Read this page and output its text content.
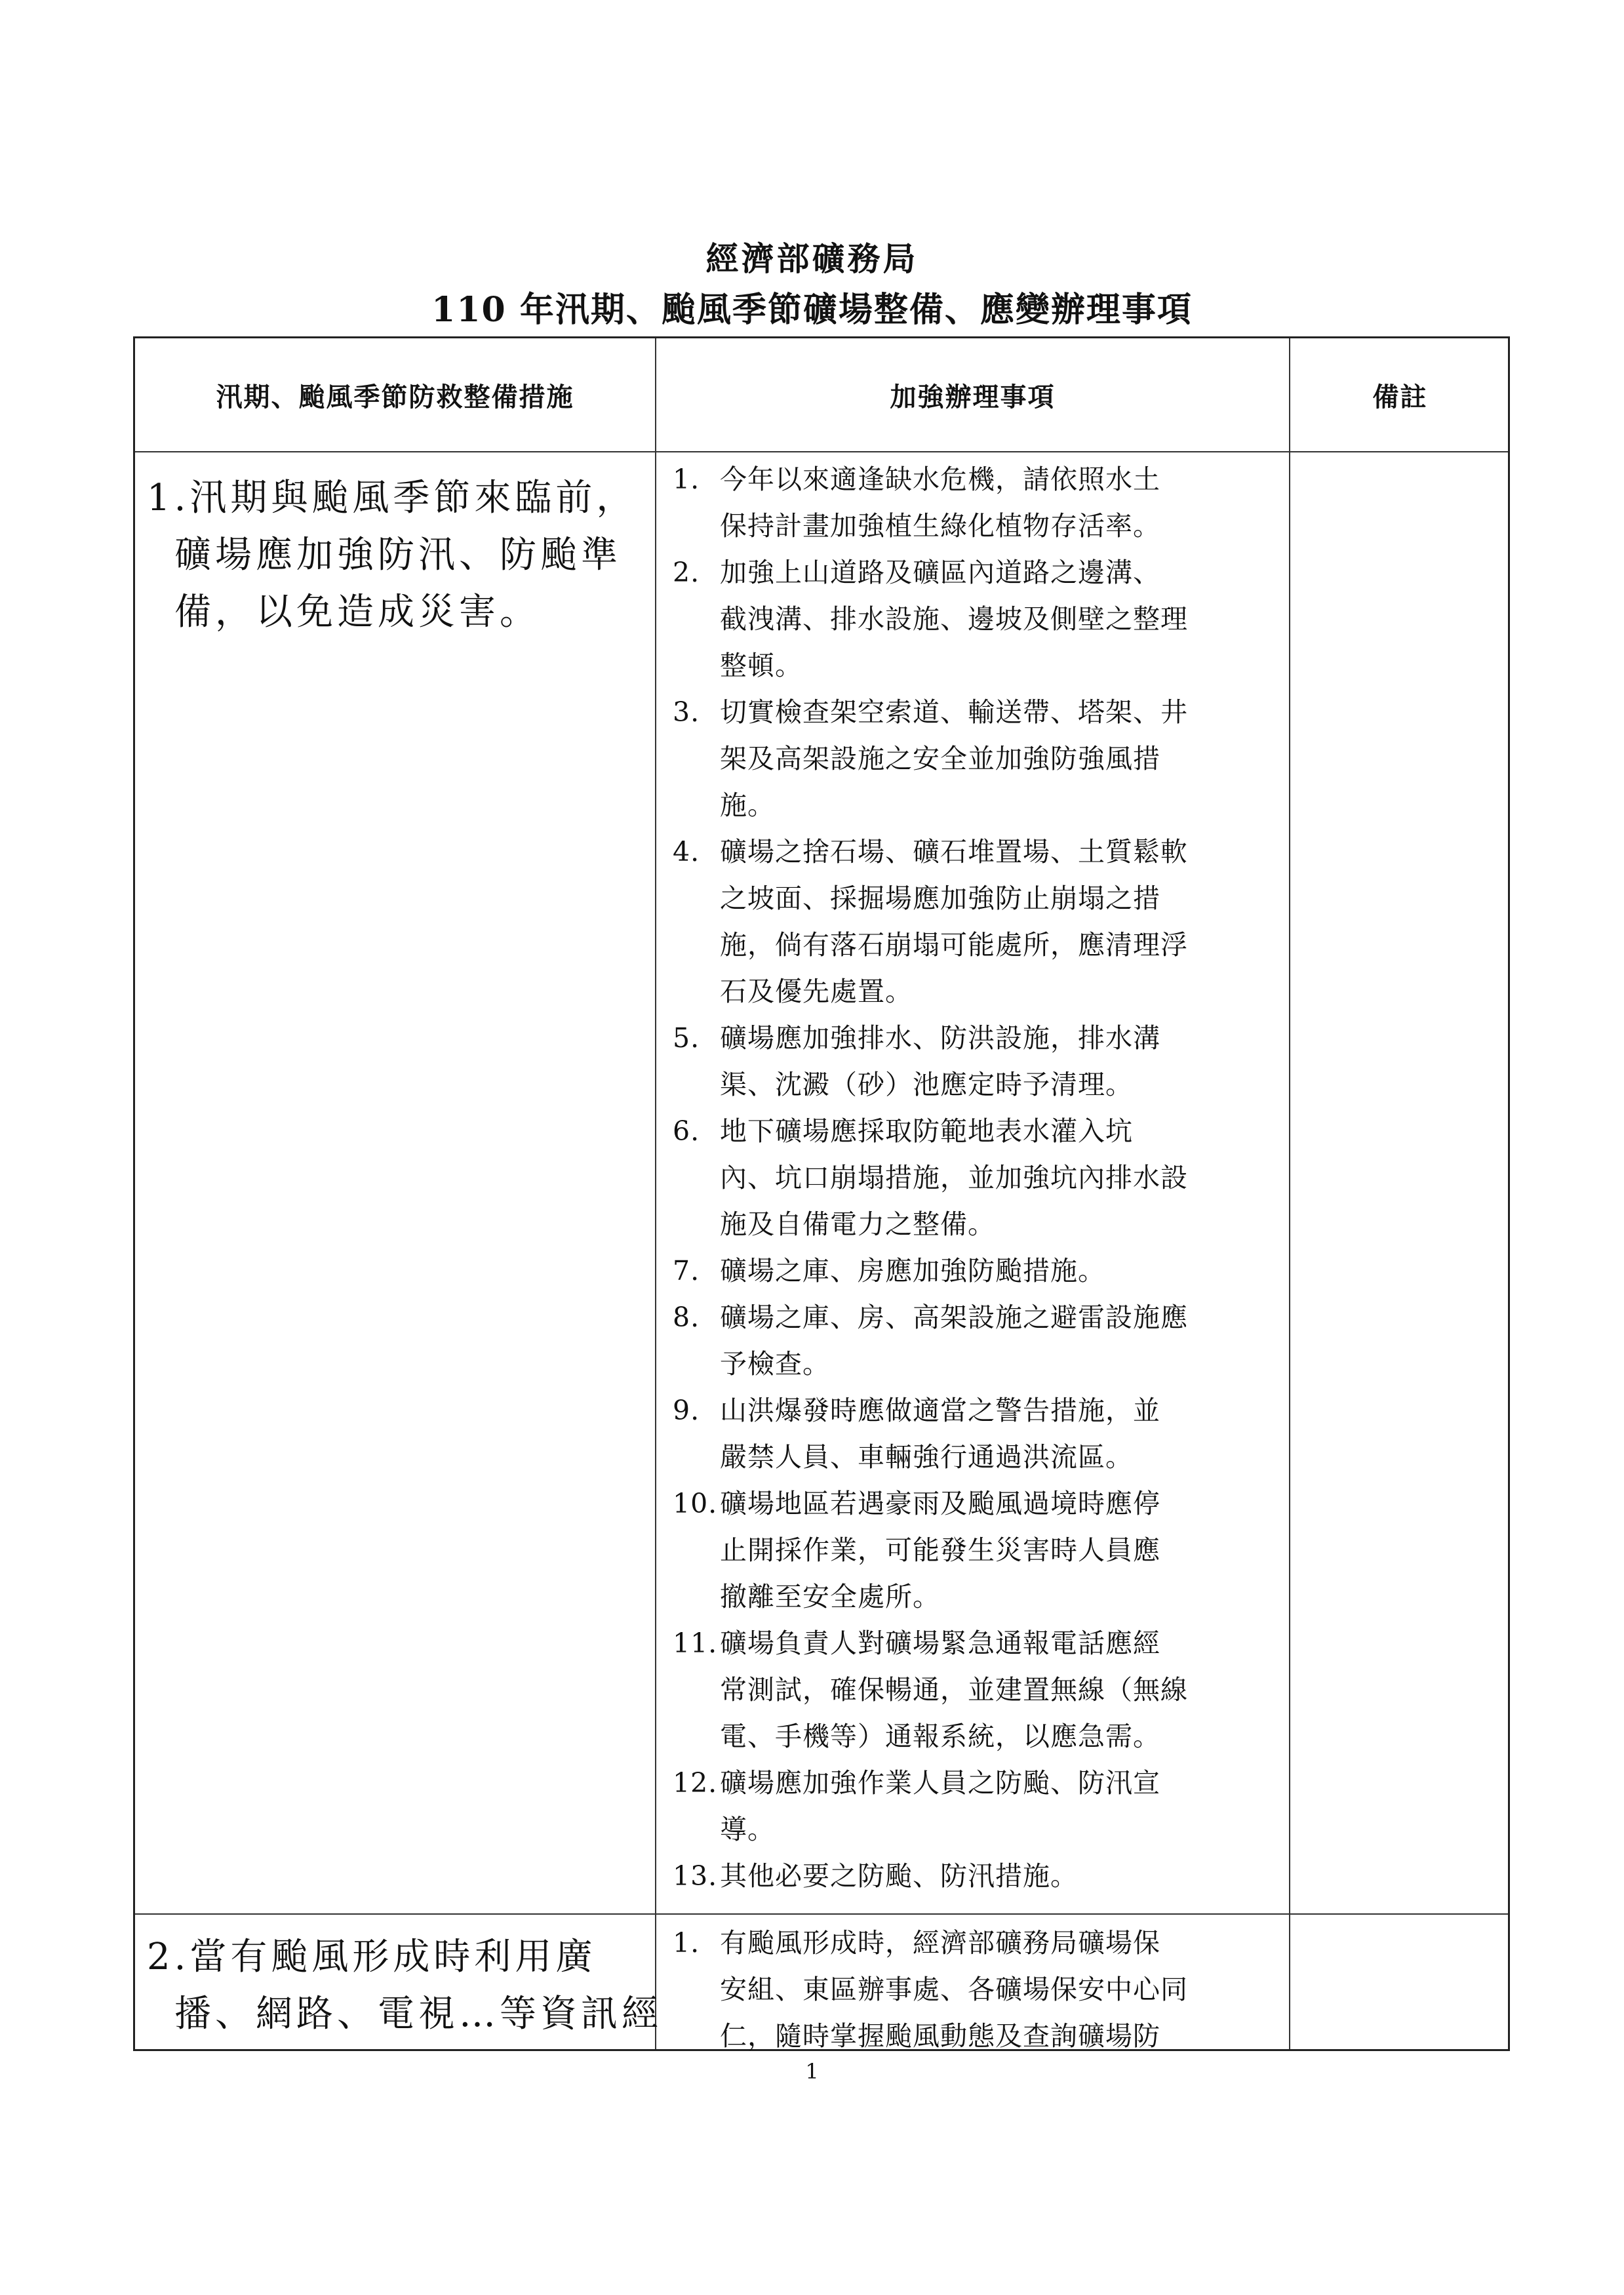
經濟部礦務局
110 年汛期、颱風季節礦場整備、應變辦理事項
汛期、颱風季節防救整備措施	加強辦理事項	備註
1.汛期與颱風季節來臨前，
礦場應加強防汛、防颱準
備，以免造成災害。
1. 今年以來適逢缺水危機，請依照水土
保持計畫加強植生綠化植物存活率。
2. 加強上山道路及礦區內道路之邊溝、
截洩溝、排水設施、邊坡及側壁之整理
整頓。
3. 切實檢查架空索道、輸送帶、塔架、井
架及高架設施之安全並加強防強風措
施。
4. 礦場之捨石場、礦石堆置場、土質鬆軟
之坡面、採掘場應加強防止崩塌之措
施，倘有落石崩塌可能處所，應清理浮
石及優先處置。
5. 礦場應加強排水、防洪設施，排水溝
渠、沈澱（砂）池應定時予清理。
6. 地下礦場應採取防範地表水灌入坑
內、坑口崩塌措施，並加強坑內排水設
施及自備電力之整備。
7. 礦場之庫、房應加強防颱措施。
8. 礦場之庫、房、高架設施之避雷設施應
予檢查。
9. 山洪爆發時應做適當之警告措施，並
嚴禁人員、車輛強行通過洪流區。
10. 礦場地區若遇豪雨及颱風過境時應停
止開採作業，可能發生災害時人員應
撤離至安全處所。
11. 礦場負責人對礦場緊急通報電話應經
常測試，確保暢通，並建置無線（無線
電、手機等）通報系統，以應急需。
12. 礦場應加強作業人員之防颱、防汛宣
導。
13. 其他必要之防颱、防汛措施。
2.當有颱風形成時利用廣
播、網路、電視…等資訊經
1. 有颱風形成時，經濟部礦務局礦場保
安組、東區辦事處、各礦場保安中心同
仁，隨時掌握颱風動態及查詢礦場防
1
